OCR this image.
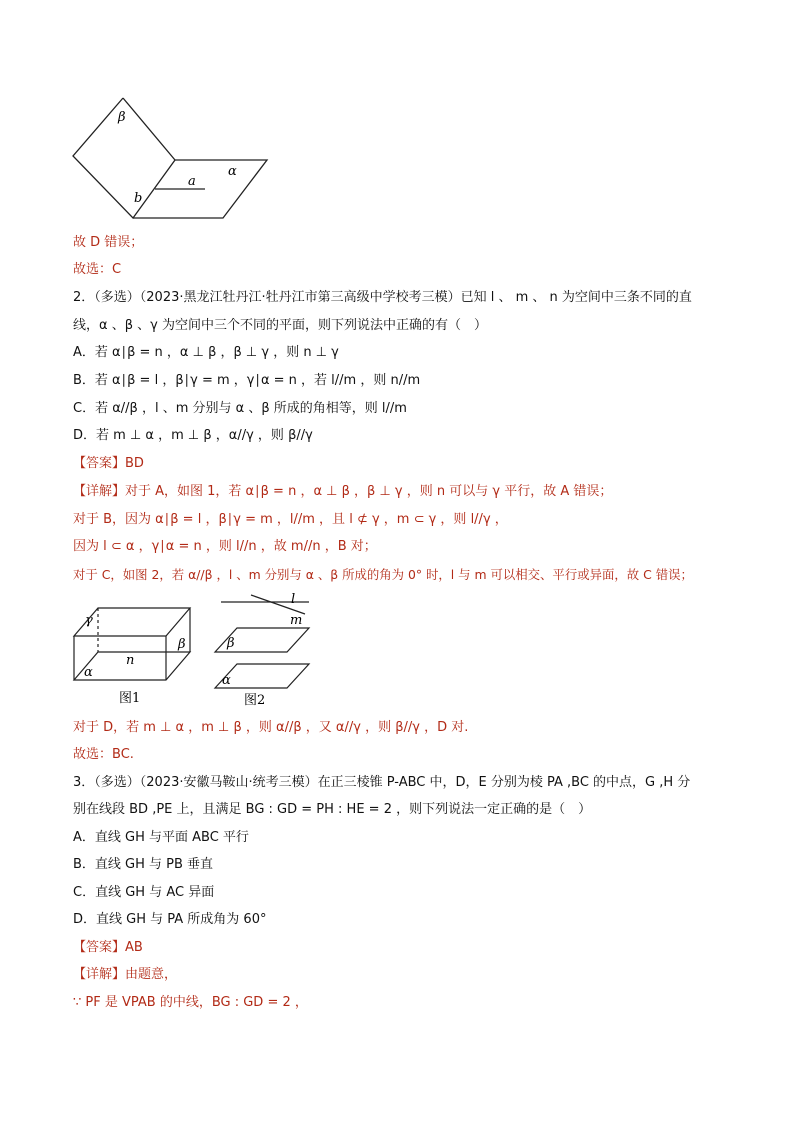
β
α
a
b
故 D 错误；
故选：C
2．（多选）（2023·黑龙江牡丹江·牡丹江市第三高级中学校考三模）已知 l 、 m 、 n 为空间中三条不同的直
线，α 、β 、γ 为空间中三个不同的平面，则下列说法中正确的有（　）
A．若 α∣β = n ，α ⊥ β ，β ⊥ γ ，则 n ⊥ γ
B．若 α∣β = l ，β∣γ = m ，γ∣α = n ，若 l//m ，则 n//m
C．若 α//β ，l 、m 分别与 α 、β 所成的角相等，则 l//m
D．若 m ⊥ α ，m ⊥ β ，α//γ ，则 β//γ
【答案】BD
【详解】对于 A，如图 1，若 α∣β = n ，α ⊥ β ，β ⊥ γ ，则 n 可以与 γ 平行，故 A 错误；
对于 B，因为 α∣β = l ，β∣γ = m ，l//m ，且 l ⊄ γ ，m ⊂ γ ，则 l//γ ，
因为 l ⊂ α ，γ∣α = n ，则 l//n ，故 m//n ，B 对；
对于 C，如图 2，若 α//β ，l 、m 分别与 α 、β 所成的角为 0° 时，l 与 m 可以相交、平行或异面，故 C 错误；
γ
β
n
α
图1
l
m
β
α
图2
对于 D，若 m ⊥ α ，m ⊥ β ，则 α//β ，又 α//γ ，则 β//γ ，D 对.
故选：BC.
3．（多选）（2023·安徽马鞍山·统考三模）在正三棱锥 P-ABC 中，D，E 分别为棱 PA ,BC 的中点，G ,H 分
别在线段 BD ,PE 上，且满足 BG : GD = PH : HE = 2 ，则下列说法一定正确的是（　）
A．直线 GH 与平面 ABC 平行
B．直线 GH 与 PB 垂直
C．直线 GH 与 AC 异面
D．直线 GH 与 PA 所成角为 60°
【答案】AB
【详解】由题意，
∵ PF 是 VPAB 的中线，BG : GD = 2 ，
